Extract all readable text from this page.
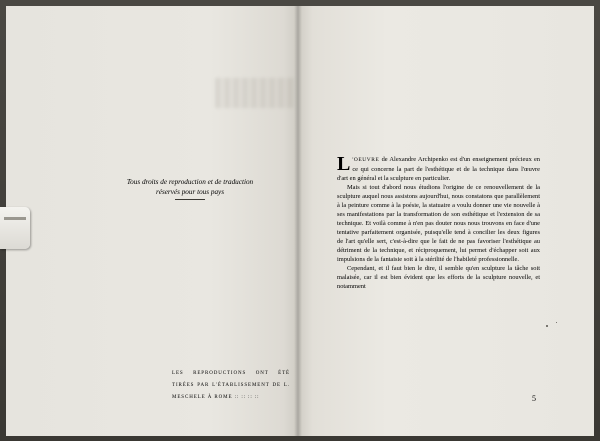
Tous droits de reproduction et de traduction
réservés pour tous pays
LES REPRODUCTIONS ONT ÉTÉ TIRÉES PAR L'ÉTABLISSEMENT DE L. MESCHELE À ROME :: :: :: ::

L 'OEUVRE de Alexandre Archipenko est d'un enseignement précieux en ce qui concerne la part de l'esthétique et de la technique dans l'œuvre d'art en général et la sculpture en particulier.

Mais si tout d'abord nous étudions l'origine de ce renouvellement de la sculpture auquel nous assistons aujourd'hui, nous constatons que parallèlement à la peinture comme à la poésie, la statuaire a voulu donner une vie nouvelle à ses manifestations par la transformation de son esthétique et l'extension de sa technique. Et voilà comme à n'en pas douter nous nous trouvons en face d'une tentative parfaitement organisée, puisqu'elle tend à concilier les deux figures de l'art qu'elle sert, c'est-à-dire que le fait de ne pas favoriser l'esthétique au détriment de la technique, et réciproquement, lui permet d'échapper soit aux impulsions de la fantaisie soit à la stérilité de l'habileté professionnelle.

Cependant, et il faut bien le dire, il semble qu'en sculpture la tâche soit malaisée, car il est bien évident que les efforts de la sculpture nouvelle, et notamment

5
